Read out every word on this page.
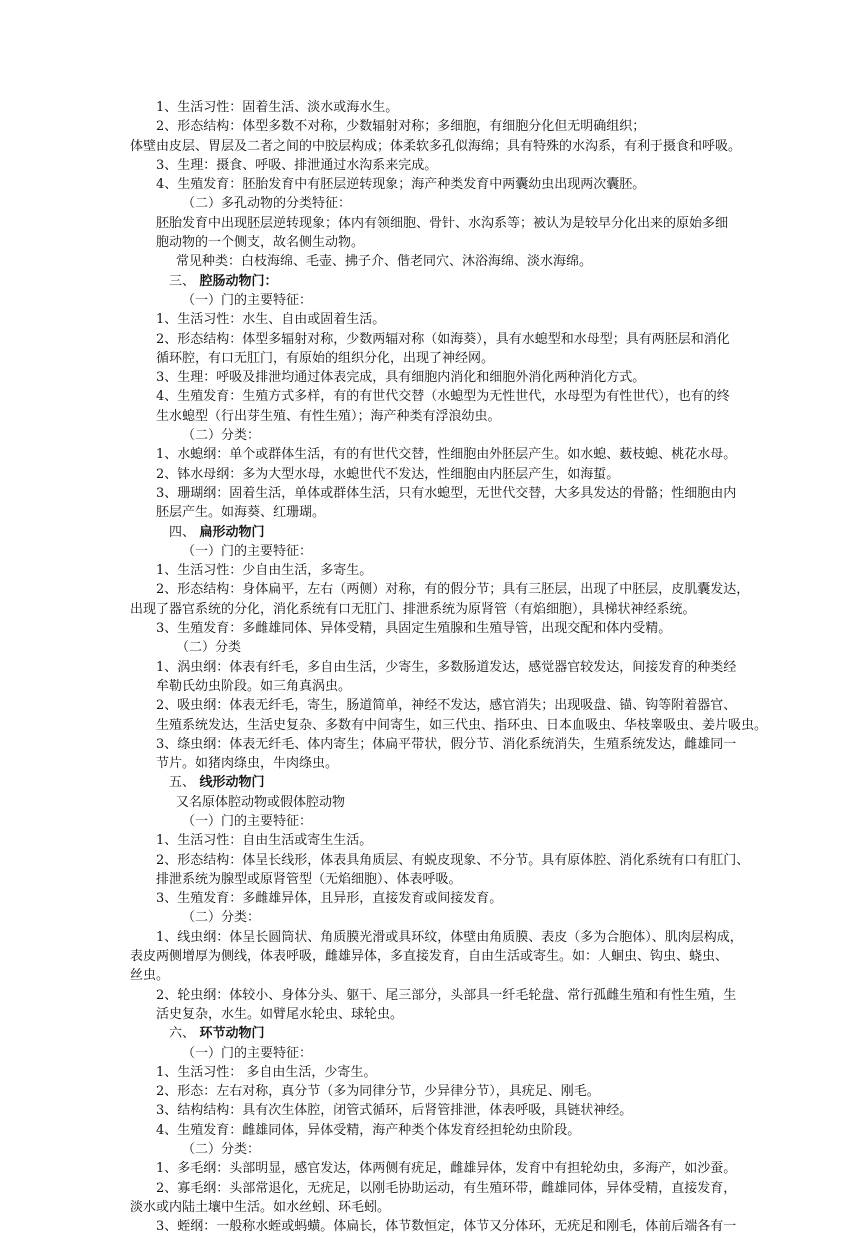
1、生活习性：固着生活、淡水或海水生。
2、形态结构：体型多数不对称，少数辐射对称；多细胞，有细胞分化但无明确组织；
体壁由皮层、胃层及二者之间的中胶层构成；体柔软多孔似海绵；具有特殊的水沟系，有利于摄食和呼吸。
3、生理：摄食、呼吸、排泄通过水沟系来完成。
4、生殖发育：胚胎发育中有胚层逆转现象；海产种类发育中两囊幼虫出现两次囊胚。
（二）多孔动物的分类特征：
胚胎发育中出现胚层逆转现象；体内有领细胞、骨针、水沟系等；被认为是较早分化出来的原始多细
胞动物的一个侧支，故名侧生动物。
常见种类：白枝海绵、毛壶、拂子介、偕老同穴、沐浴海绵、淡水海绵。
三、 腔肠动物门：
（一）门的主要特征：
1、生活习性：水生、自由或固着生活。
2、形态结构：体型多辐射对称，少数两辐对称（如海葵），具有水螅型和水母型；具有两胚层和消化
循环腔，有口无肛门，有原始的组织分化，出现了神经网。
3、生理：呼吸及排泄均通过体表完成，具有细胞内消化和细胞外消化两种消化方式。
4、生殖发育：生殖方式多样，有的有世代交替（水螅型为无性世代，水母型为有性世代），也有的终
生水螅型（行出芽生殖、有性生殖）；海产种类有浮浪幼虫。
（二）分类：
1、水螅纲：单个或群体生活，有的有世代交替，性细胞由外胚层产生。如水螅、薮枝螅、桃花水母。
2、钵水母纲：多为大型水母，水螅世代不发达，性细胞由内胚层产生，如海蜇。
3、珊瑚纲：固着生活，单体或群体生活，只有水螅型，无世代交替，大多具发达的骨骼；性细胞由内
胚层产生。如海葵、红珊瑚。
四、 扁形动物门
（一）门的主要特征：
1、生活习性：少自由生活，多寄生。
2、形态结构：身体扁平，左右（两侧）对称，有的假分节；具有三胚层，出现了中胚层，皮肌囊发达，
出现了器官系统的分化，消化系统有口无肛门、排泄系统为原肾管（有焰细胞），具梯状神经系统。
3、生殖发育：多雌雄同体、异体受精，具固定生殖腺和生殖导管，出现交配和体内受精。
（二）分类
1、涡虫纲：体表有纤毛，多自由生活，少寄生，多数肠道发达，感觉器官较发达，间接发育的种类经
牟勒氏幼虫阶段。如三角真涡虫。
2、吸虫纲：体表无纤毛，寄生，肠道简单，神经不发达，感官消失；出现吸盘、锚、钩等附着器官、
生殖系统发达，生活史复杂、多数有中间寄生，如三代虫、指环虫、日本血吸虫、华枝睾吸虫、姜片吸虫。
3、绦虫纲：体表无纤毛、体内寄生；体扁平带状，假分节、消化系统消失，生殖系统发达，雌雄同一
节片。如猪肉绦虫，牛肉绦虫。
五、 线形动物门
又名原体腔动物或假体腔动物
（一）门的主要特征：
1、生活习性：自由生活或寄生生活。
2、形态结构：体呈长线形，体表具角质层、有蜕皮现象、不分节。具有原体腔、消化系统有口有肛门、
排泄系统为腺型或原肾管型（无焰细胞）、体表呼吸。
3、生殖发育：多雌雄异体，且异形，直接发育或间接发育。
（二）分类：
1、线虫纲：体呈长圆筒状、角质膜光滑或具环纹，体壁由角质膜、表皮（多为合胞体）、肌肉层构成，
表皮两侧增厚为侧线，体表呼吸，雌雄异体，多直接发育，自由生活或寄生。如：人蛔虫、钩虫、蛲虫、
丝虫。
2、轮虫纲：体较小、身体分头、躯干、尾三部分，头部具一纤毛轮盘、常行孤雌生殖和有性生殖，生
活史复杂，水生。如臂尾水轮虫、球轮虫。
六、 环节动物门
（一）门的主要特征：
1、生活习性： 多自由生活，少寄生。
2、形态：左右对称，真分节（多为同律分节，少异律分节），具疣足、刚毛。
3、结构结构：具有次生体腔，闭管式循环，后肾管排泄，体表呼吸，具链状神经。
4、生殖发育：雌雄同体，异体受精，海产种类个体发育经担轮幼虫阶段。
（二）分类：
1、多毛纲：头部明显，感官发达，体两侧有疣足，雌雄异体，发育中有担轮幼虫，多海产，如沙蚕。
2、寡毛纲：头部常退化，无疣足，以刚毛协助运动，有生殖环带，雌雄同体，异体受精，直接发育，
淡水或内陆土壤中生活。如水丝蚓、环毛蚓。
3、蛭纲：一般称水蛭或蚂蟥。体扁长，体节数恒定，体节又分体环，无疣足和刚毛，体前后端各有一
